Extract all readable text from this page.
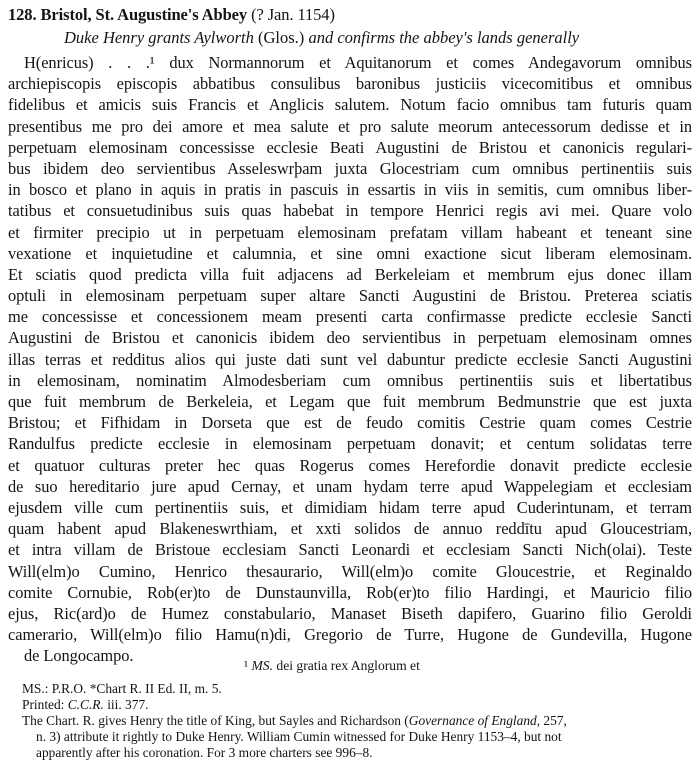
128. Bristol, St. Augustine's Abbey (? Jan. 1154)
Duke Henry grants Aylworth (Glos.) and confirms the abbey's lands generally
H(enricus) . . .¹ dux Normannorum et Aquitanorum et comes Andegavorum omnibus
archiepiscopis episcopis abbatibus consulibus baronibus justiciis vicecomitibus et omnibus
fidelibus et amicis suis Francis et Anglicis salutem. Notum facio omnibus tam futuris quam
presentibus me pro dei amore et mea salute et pro salute meorum antecessorum dedisse et in
perpetuam elemosinam concessisse ecclesie Beati Augustini de Bristou et canonicis regulari-
bus ibidem deo servientibus Asseleswrþam juxta Glocestriam cum omnibus pertinentiis suis
in bosco et plano in aquis in pratis in pascuis in essartis in viis in semitis, cum omnibus liber-
tatibus et consuetudinibus suis quas habebat in tempore Henrici regis avi mei. Quare volo
et firmiter precipio ut in perpetuam elemosinam prefatam villam habeant et teneant sine
vexatione et inquietudine et calumnia, et sine omni exactione sicut liberam elemosinam.
Et sciatis quod predicta villa fuit adjacens ad Berkeleiam et membrum ejus donec illam
optuli in elemosinam perpetuam super altare Sancti Augustini de Bristou. Preterea sciatis
me concessisse et concessionem meam presenti carta confirmasse predicte ecclesie Sancti
Augustini de Bristou et canonicis ibidem deo servientibus in perpetuam elemosinam omnes
illas terras et redditus alios qui juste dati sunt vel dabuntur predicte ecclesie Sancti Augustini
in elemosinam, nominatim Almodesberiam cum omnibus pertinentiis suis et libertatibus
que fuit membrum de Berkeleia, et Legam que fuit membrum Bedmunstrie que est juxta
Bristou; et Fifhidam in Dorseta que est de feudo comitis Cestrie quam comes Cestrie
Randulfus predicte ecclesie in elemosinam perpetuam donavit; et centum solidatas terre
et quatuor culturas preter hec quas Rogerus comes Herefordie donavit predicte ecclesie
de suo hereditario jure apud Cernay, et unam hydam terre apud Wappelegiam et ecclesiam
ejusdem ville cum pertinentiis suis, et dimidiam hidam terre apud Cuderintunam, et terram
quam habent apud Blakeneswrthiam, et xxti solidos de annuo reddītu apud Gloucestriam,
et intra villam de Bristoue ecclesiam Sancti Leonardi et ecclesiam Sancti Nich(olai). Teste
Will(elm)o Cumino, Henrico thesaurario, Will(elm)o comite Gloucestrie, et Reginaldo
comite Cornubie, Rob(er)to de Dunstaunvilla, Rob(er)to filio Hardingi, et Mauricio filio
ejus, Ric(ard)o de Humez constabulario, Manaset Biseth dapifero, Guarino filio Geroldi
camerario, Will(elm)o filio Hamu(n)di, Gregorio de Turre, Hugone de Gundevilla, Hugone
de Longocampo.
¹ MS. dei gratia rex Anglorum et
MS.: P.R.O. *Chart R. II Ed. II, m. 5.
Printed: C.C.R. iii. 377.
The Chart. R. gives Henry the title of King, but Sayles and Richardson (Governance of England, 257,
n. 3) attribute it rightly to Duke Henry. William Cumin witnessed for Duke Henry 1153–4, but not
apparently after his coronation. For 3 more charters see 996–8.
